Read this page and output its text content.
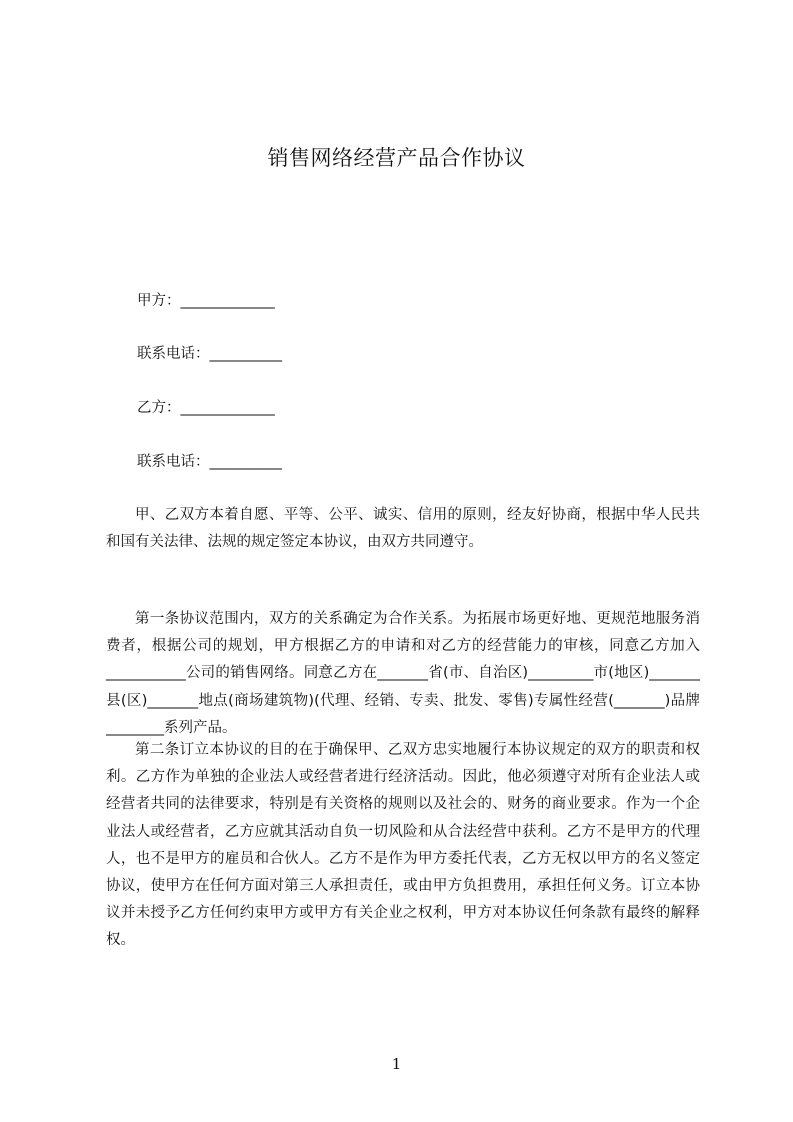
销售网络经营产品合作协议
甲方：_____________
联系电话：__________
乙方：_____________
联系电话：__________

甲、乙双方本着自愿、平等、公平、诚实、信用的原则，经友好协商，根据中华人民共和国有关法律、法规的规定签定本协议，由双方共同遵守。

第一条协议范围内，双方的关系确定为合作关系。为拓展市场更好地、更规范地服务消费者，根据公司的规划，甲方根据乙方的申请和对乙方的经营能力的审核，同意乙方加入___________公司的销售网络。同意乙方在_______省(市、自治区)_________市(地区)_______县(区)_______地点(商场建筑物)(代理、经销、专卖、批发、零售)专属性经营(_______)品牌________系列产品。

第二条订立本协议的目的在于确保甲、乙双方忠实地履行本协议规定的双方的职责和权利。乙方作为单独的企业法人或经营者进行经济活动。因此，他必须遵守对所有企业法人或经营者共同的法律要求，特别是有关资格的规则以及社会的、财务的商业要求。作为一个企业法人或经营者，乙方应就其活动自负一切风险和从合法经营中获利。乙方不是甲方的代理人，也不是甲方的雇员和合伙人。乙方不是作为甲方委托代表，乙方无权以甲方的名义签定协议，使甲方在任何方面对第三人承担责任，或由甲方负担费用，承担任何义务。订立本协议并未授予乙方任何约束甲方或甲方有关企业之权利，甲方对本协议任何条款有最终的解释权。

1
